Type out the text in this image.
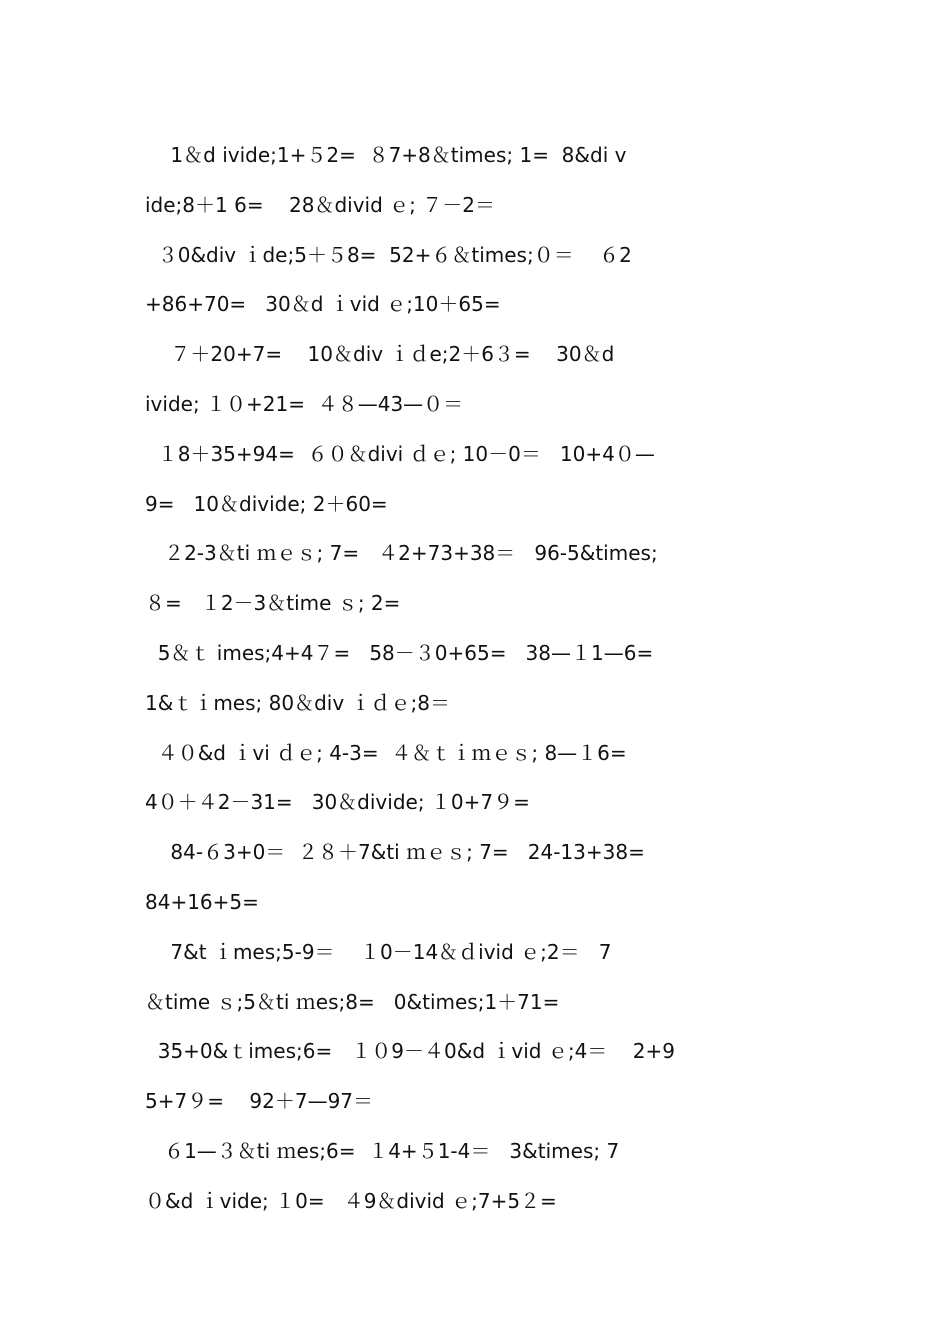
1＆d ivide;1+５2=  ８7+8＆times; 1=  8&di v
ide;8＋1 6=    28＆divid ｅ; ７－2＝
３0&div ｉde;5＋５8=  52+６＆times;０＝    ６2
+86+70=   30＆d ｉvid ｅ;10＋65=
７＋20+7=    10＆div ｉｄe;2＋6３=    30＆d
ivide; １０+21=  ４８—43—０＝
１8＋35+94=  ６０＆divi ｄｅ; 10－0＝   10+4０—
9=   10＆divide; 2＋60=
２2-3＆ti ｍｅｓ; 7=   ４2+73+38＝   96-5&times;
８=   １2－3＆time ｓ; 2=
5＆ｔ imes;4+4７=   58－３0+65=   38—１1—6=
1&ｔｉmes; 80＆div ｉｄｅ;8＝
４０&d ｉvi ｄｅ; 4-3=  ４＆ｔｉｍｅｓ; 8—１6=
4０＋４2－31=   30＆divide; １0+7９=
84-６3+0＝  ２８＋7&ti ｍｅｓ; 7=   24-13+38=
84+16+5=
7&t ｉmes;5-9＝    １0－14＆ｄivid ｅ;2＝   7
＆time ｓ;5＆ti ｍes;8=   0&times;1＋71=
35+0&ｔimes;6=   １０9－４0&d ｉvid ｅ;4＝    2+9
5+7９=    92＋7—97＝
６1—３＆ti ｍes;6=  １4+５1-4＝   3&times; 7
０&d ｉvide; １0=   ４9＆divid ｅ;7+5２=
